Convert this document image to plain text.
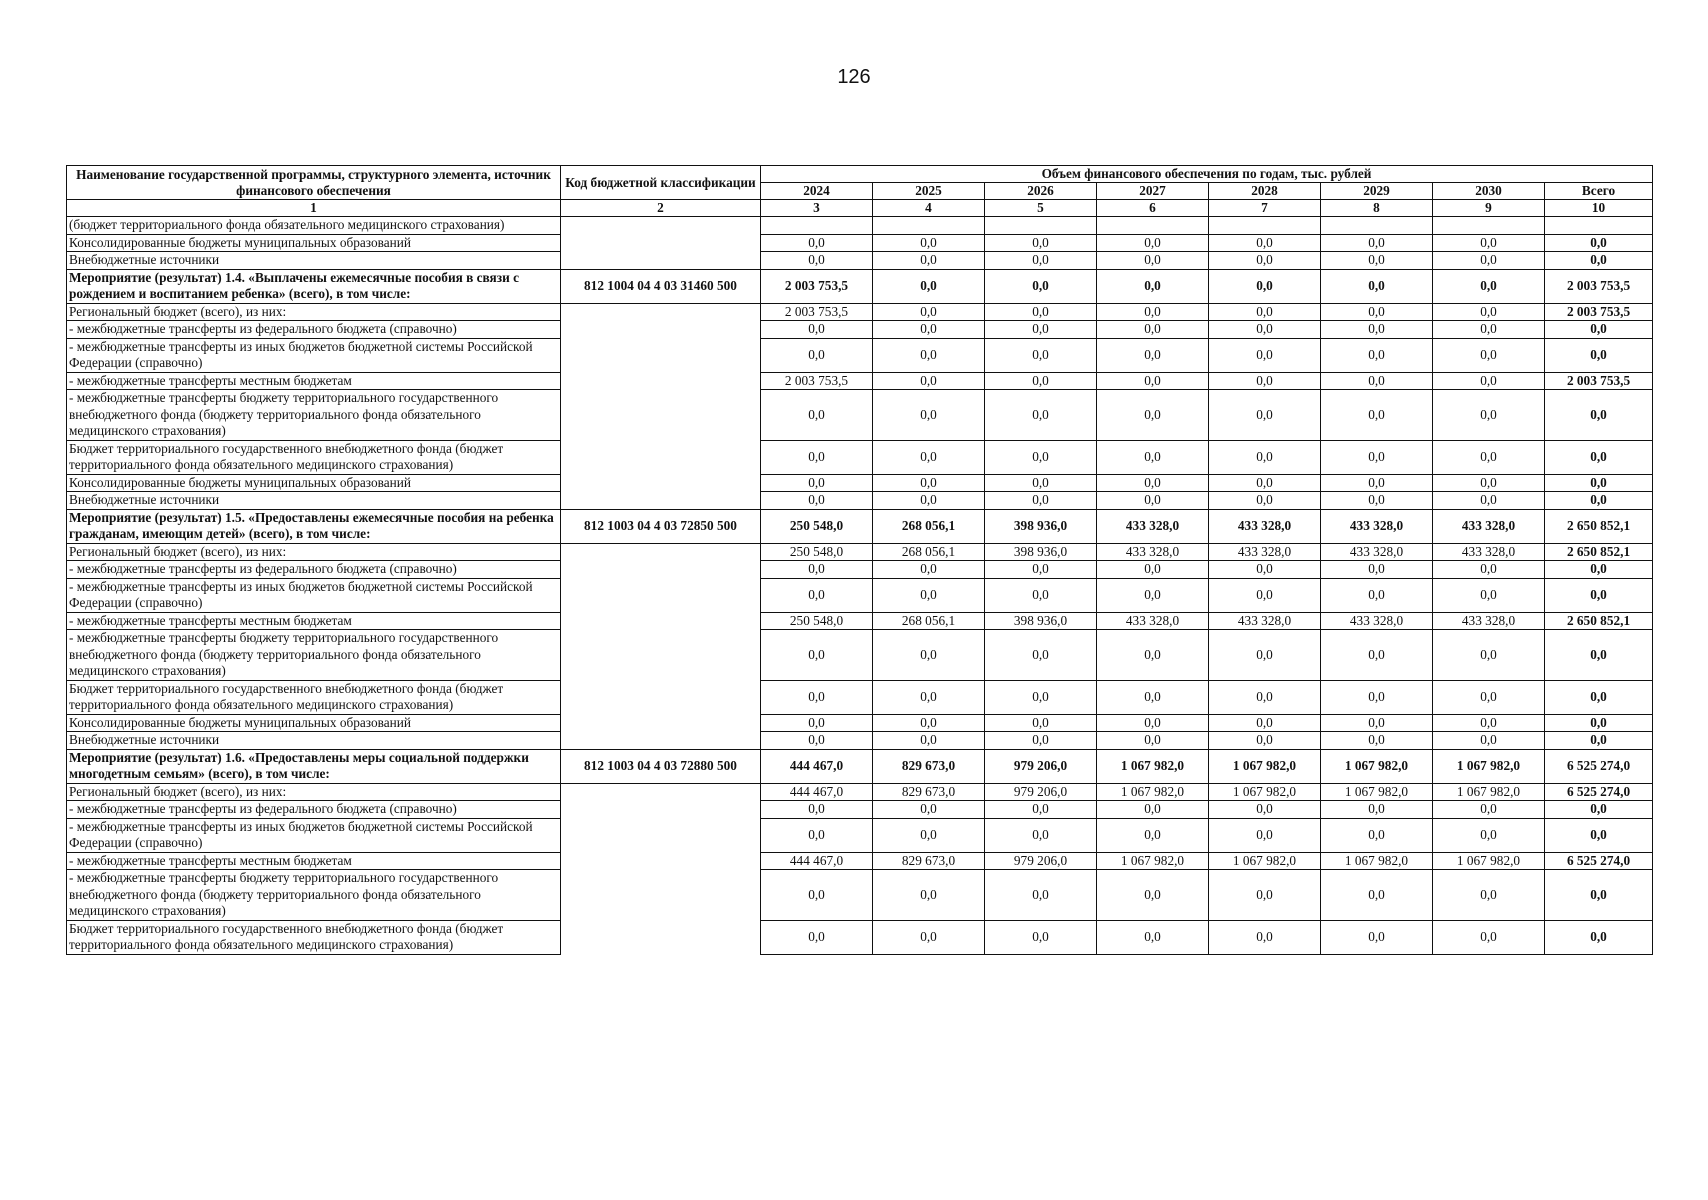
126
Наименование государственной программы, структурного элемента, источник финансового обеспечения	Код бюджетной классификации	Объем финансового обеспечения по годам, тыс. рублей							
		2024	2025	2026	2027	2028	2029	2030	Всего
1	2	3	4	5	6	7	8	9	10
(бюджет территориального фонда обязательного медицинского страхования)									
Консолидированные бюджеты муниципальных образований		0,0	0,0	0,0	0,0	0,0	0,0	0,0	0,0
Внебюджетные источники		0,0	0,0	0,0	0,0	0,0	0,0	0,0	0,0
Мероприятие (результат) 1.4. «Выплачены ежемесячные пособия в связи с рождением и воспитанием ребенка» (всего), в том числе:	812 1004 04 4 03 31460 500	2 003 753,5	0,0	0,0	0,0	0,0	0,0	0,0	2 003 753,5
Региональный бюджет (всего), из них:		2 003 753,5	0,0	0,0	0,0	0,0	0,0	0,0	2 003 753,5
- межбюджетные трансферты из федерального бюджета (справочно)		0,0	0,0	0,0	0,0	0,0	0,0	0,0	0,0
- межбюджетные трансферты из иных бюджетов бюджетной системы Российской Федерации (справочно)		0,0	0,0	0,0	0,0	0,0	0,0	0,0	0,0
- межбюджетные трансферты местным бюджетам		2 003 753,5	0,0	0,0	0,0	0,0	0,0	0,0	2 003 753,5
- межбюджетные трансферты бюджету территориального государственного внебюджетного фонда (бюджету территориального фонда обязательного медицинского страхования)		0,0	0,0	0,0	0,0	0,0	0,0	0,0	0,0
Бюджет территориального государственного внебюджетного фонда (бюджет территориального фонда обязательного медицинского страхования)		0,0	0,0	0,0	0,0	0,0	0,0	0,0	0,0
Консолидированные бюджеты муниципальных образований		0,0	0,0	0,0	0,0	0,0	0,0	0,0	0,0
Внебюджетные источники		0,0	0,0	0,0	0,0	0,0	0,0	0,0	0,0
Мероприятие (результат) 1.5. «Предоставлены ежемесячные пособия на ребенка гражданам, имеющим детей» (всего), в том числе:	812 1003 04 4 03 72850 500	250 548,0	268 056,1	398 936,0	433 328,0	433 328,0	433 328,0	433 328,0	2 650 852,1
Региональный бюджет (всего), из них:		250 548,0	268 056,1	398 936,0	433 328,0	433 328,0	433 328,0	433 328,0	2 650 852,1
- межбюджетные трансферты из федерального бюджета (справочно)		0,0	0,0	0,0	0,0	0,0	0,0	0,0	0,0
- межбюджетные трансферты из иных бюджетов бюджетной системы Российской Федерации (справочно)		0,0	0,0	0,0	0,0	0,0	0,0	0,0	0,0
- межбюджетные трансферты местным бюджетам		250 548,0	268 056,1	398 936,0	433 328,0	433 328,0	433 328,0	433 328,0	2 650 852,1
- межбюджетные трансферты бюджету территориального государственного внебюджетного фонда (бюджету территориального фонда обязательного медицинского страхования)		0,0	0,0	0,0	0,0	0,0	0,0	0,0	0,0
Бюджет территориального государственного внебюджетного фонда (бюджет территориального фонда обязательного медицинского страхования)		0,0	0,0	0,0	0,0	0,0	0,0	0,0	0,0
Консолидированные бюджеты муниципальных образований		0,0	0,0	0,0	0,0	0,0	0,0	0,0	0,0
Внебюджетные источники		0,0	0,0	0,0	0,0	0,0	0,0	0,0	0,0
Мероприятие (результат) 1.6. «Предоставлены меры социальной поддержки многодетным семьям» (всего), в том числе:	812 1003 04 4 03 72880 500	444 467,0	829 673,0	979 206,0	1 067 982,0	1 067 982,0	1 067 982,0	1 067 982,0	6 525 274,0
Региональный бюджет (всего), из них:		444 467,0	829 673,0	979 206,0	1 067 982,0	1 067 982,0	1 067 982,0	1 067 982,0	6 525 274,0
- межбюджетные трансферты из федерального бюджета (справочно)		0,0	0,0	0,0	0,0	0,0	0,0	0,0	0,0
- межбюджетные трансферты из иных бюджетов бюджетной системы Российской Федерации (справочно)		0,0	0,0	0,0	0,0	0,0	0,0	0,0	0,0
- межбюджетные трансферты местным бюджетам		444 467,0	829 673,0	979 206,0	1 067 982,0	1 067 982,0	1 067 982,0	1 067 982,0	6 525 274,0
- межбюджетные трансферты бюджету территориального государственного внебюджетного фонда (бюджету территориального фонда обязательного медицинского страхования)		0,0	0,0	0,0	0,0	0,0	0,0	0,0	0,0
Бюджет территориального государственного внебюджетного фонда (бюджет территориального фонда обязательного медицинского страхования)		0,0	0,0	0,0	0,0	0,0	0,0	0,0	0,0
